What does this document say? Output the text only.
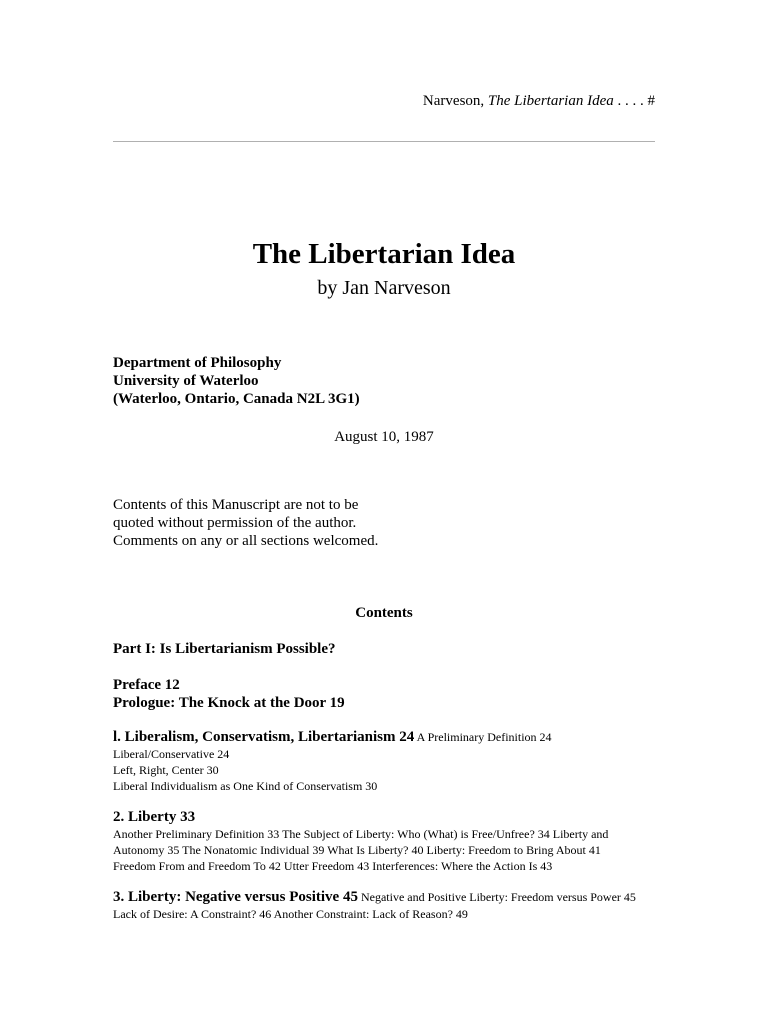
Narveson, The Libertarian Idea . . . . #
The Libertarian Idea
by Jan Narveson
Department of Philosophy
University of Waterloo
(Waterloo, Ontario, Canada N2L 3G1)
August 10, 1987
Contents of this Manuscript are not to be
quoted without permission of the author.
Comments on any or all sections welcomed.
Contents
Part I: Is Libertarianism Possible?
Preface 12
Prologue: The Knock at the Door 19
l. Liberalism, Conservatism, Libertarianism 24 A Preliminary Definition 24
Liberal/Conservative 24
Left, Right, Center 30
Liberal Individualism as One Kind of Conservatism 30
2. Liberty 33
Another Preliminary Definition 33 The Subject of Liberty: Who (What) is Free/Unfree? 34 Liberty and
Autonomy 35 The Nonatomic Individual 39 What Is Liberty? 40 Liberty: Freedom to Bring About 41
Freedom From and Freedom To 42 Utter Freedom 43 Interferences: Where the Action Is 43
3. Liberty: Negative versus Positive 45 Negative and Positive Liberty: Freedom versus Power 45
Lack of Desire: A Constraint? 46 Another Constraint: Lack of Reason? 49
